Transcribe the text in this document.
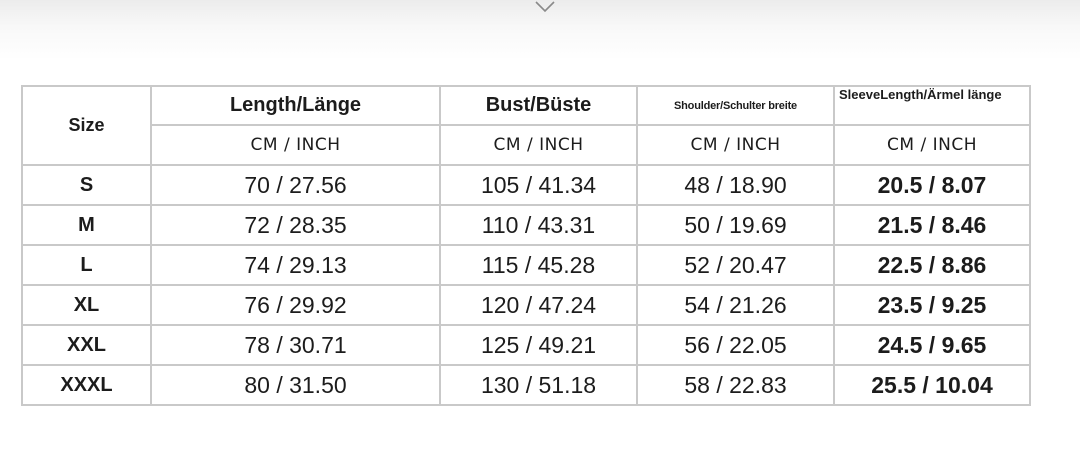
Size	Length/Länge	Bust/Büste	Shoulder/Schulter breite	SleeveLength/Ärmel länge
	CM / INCH	CM / INCH	CM / INCH	CM / INCH
S	70 / 27.56	105 / 41.34	48 / 18.90	20.5 / 8.07
M	72 / 28.35	110 / 43.31	50 / 19.69	21.5 / 8.46
L	74 / 29.13	115 / 45.28	52 / 20.47	22.5 / 8.86
XL	76 / 29.92	120 / 47.24	54 / 21.26	23.5 / 9.25
XXL	78 / 30.71	125 / 49.21	56 / 22.05	24.5 / 9.65
XXXL	80 / 31.50	130 / 51.18	58 / 22.83	25.5 / 10.04
